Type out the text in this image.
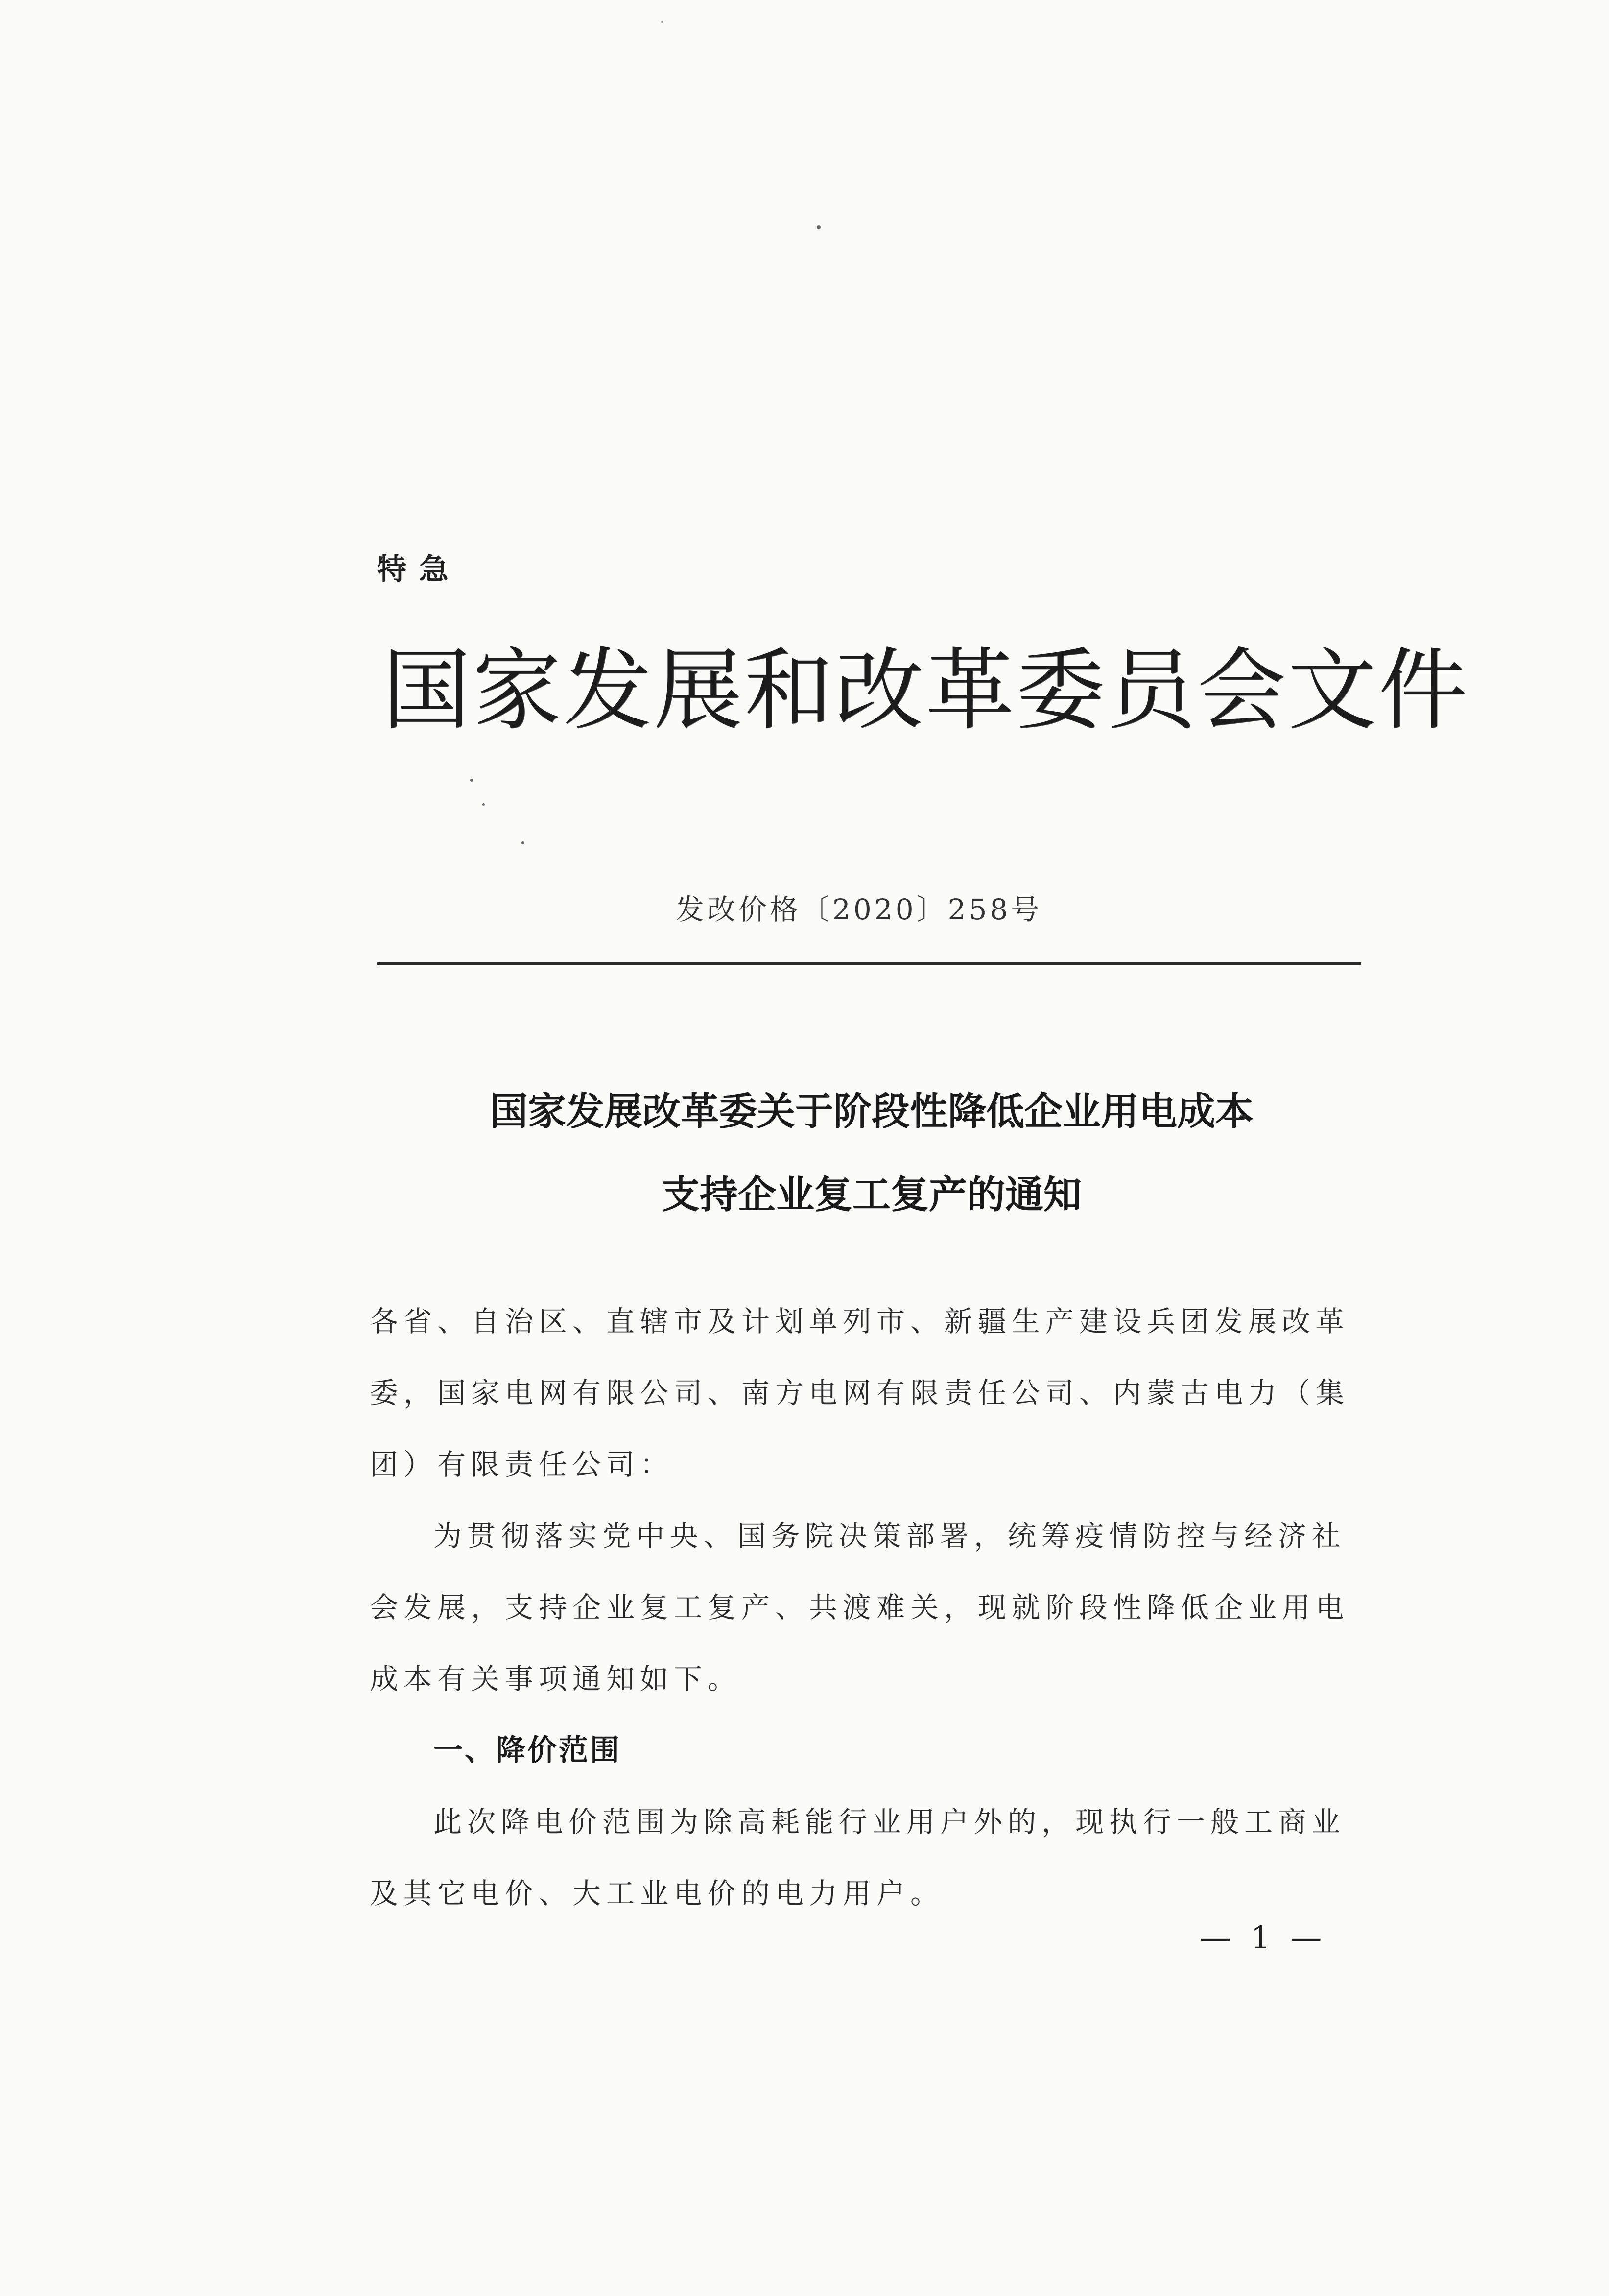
特急
国家发展和改革委员会文件
发改价格〔2020〕258号
国家发展改革委关于阶段性降低企业用电成本
支持企业复工复产的通知

各省、自治区、直辖市及计划单列市、新疆生产建设兵团发展改革委，国家电网有限公司、南方电网有限责任公司、内蒙古电力（集团）有限责任公司：

为贯彻落实党中央、国务院决策部署，统筹疫情防控与经济社会发展，支持企业复工复产、共渡难关，现就阶段性降低企业用电成本有关事项通知如下。

一、降价范围

此次降电价范围为除高耗能行业用户外的，现执行一般工商业及其它电价、大工业电价的电力用户。

— 1 —
